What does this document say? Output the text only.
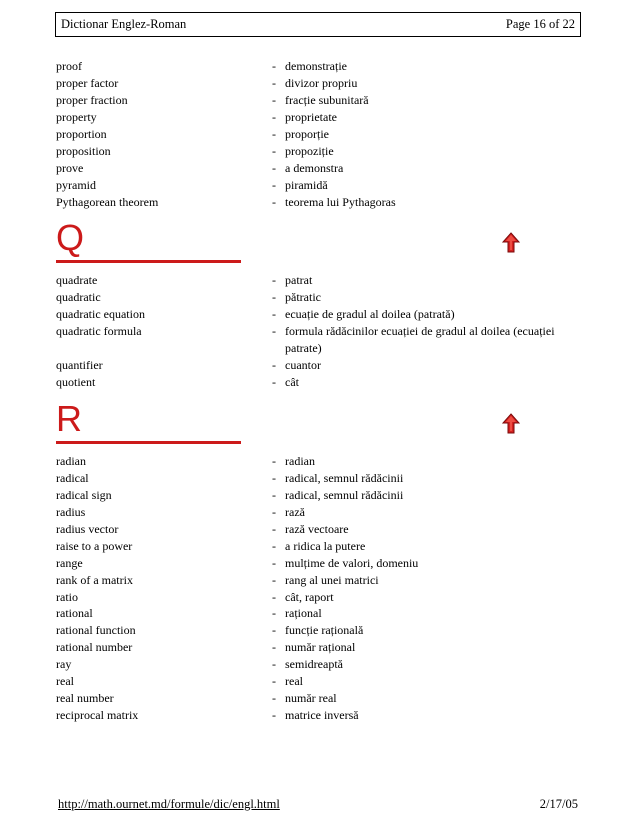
Dictionar Englez-Roman	Page 16 of 22
proof	- demonstrație
proper factor	- divizor propriu
proper fraction	- fracție subunitară
property	- proprietate
proportion	- proporție
proposition	- propoziție
prove	- a demonstra
pyramid	- piramidă
Pythagorean theorem	- teorema lui Pythagoras
Q
quadrate	- patrat
quadratic	- pătratic
quadratic equation	- ecuație de gradul al doilea (patrată)
quadratic formula	- formula rădăcinilor ecuației de gradul al doilea (ecuației patrate)
quantifier	- cuantor
quotient	- cât
R
radian	- radian
radical	- radical, semnul rădăcinii
radical sign	- radical, semnul rădăcinii
radius	- rază
radius vector	- rază vectoare
raise to a power	- a ridica la putere
range	- mulțime de valori, domeniu
rank of a matrix	- rang al unei matrici
ratio	- cât, raport
rational	- rațional
rational function	- funcție rațională
rational number	- număr rațional
ray	- semidreaptă
real	- real
real number	- număr real
reciprocal matrix	- matrice inversă
http://math.ournet.md/formule/dic/engl.html	2/17/05
